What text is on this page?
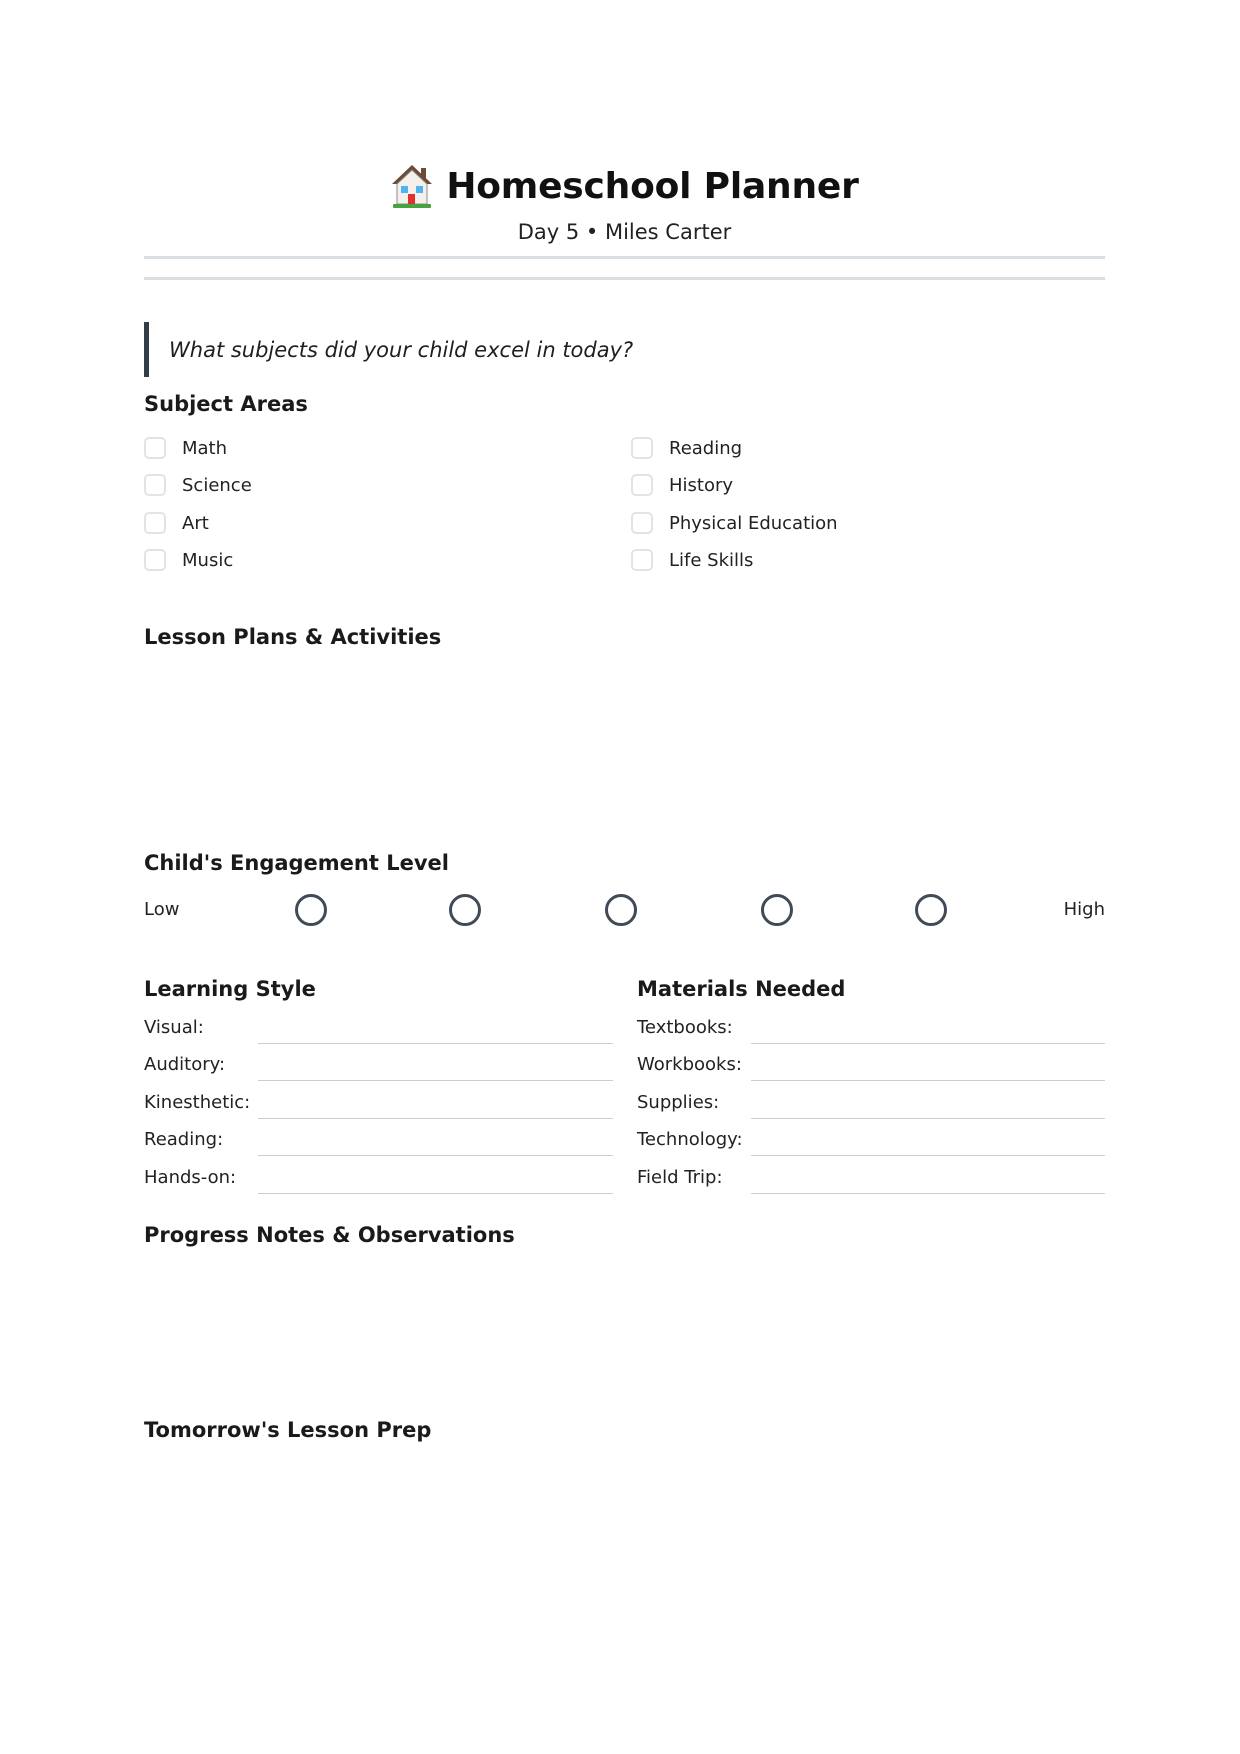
Homeschool Planner
Day 5 • Miles Carter
What subjects did your child excel in today?
Subject Areas
Math
Science
Art
Music
Reading
History
Physical Education
Life Skills
Lesson Plans & Activities
Child's Engagement Level
Low	High
Learning Style
Visual:
Auditory:
Kinesthetic:
Reading:
Hands-on:
Materials Needed
Textbooks:
Workbooks:
Supplies:
Technology:
Field Trip:
Progress Notes & Observations
Tomorrow's Lesson Prep
